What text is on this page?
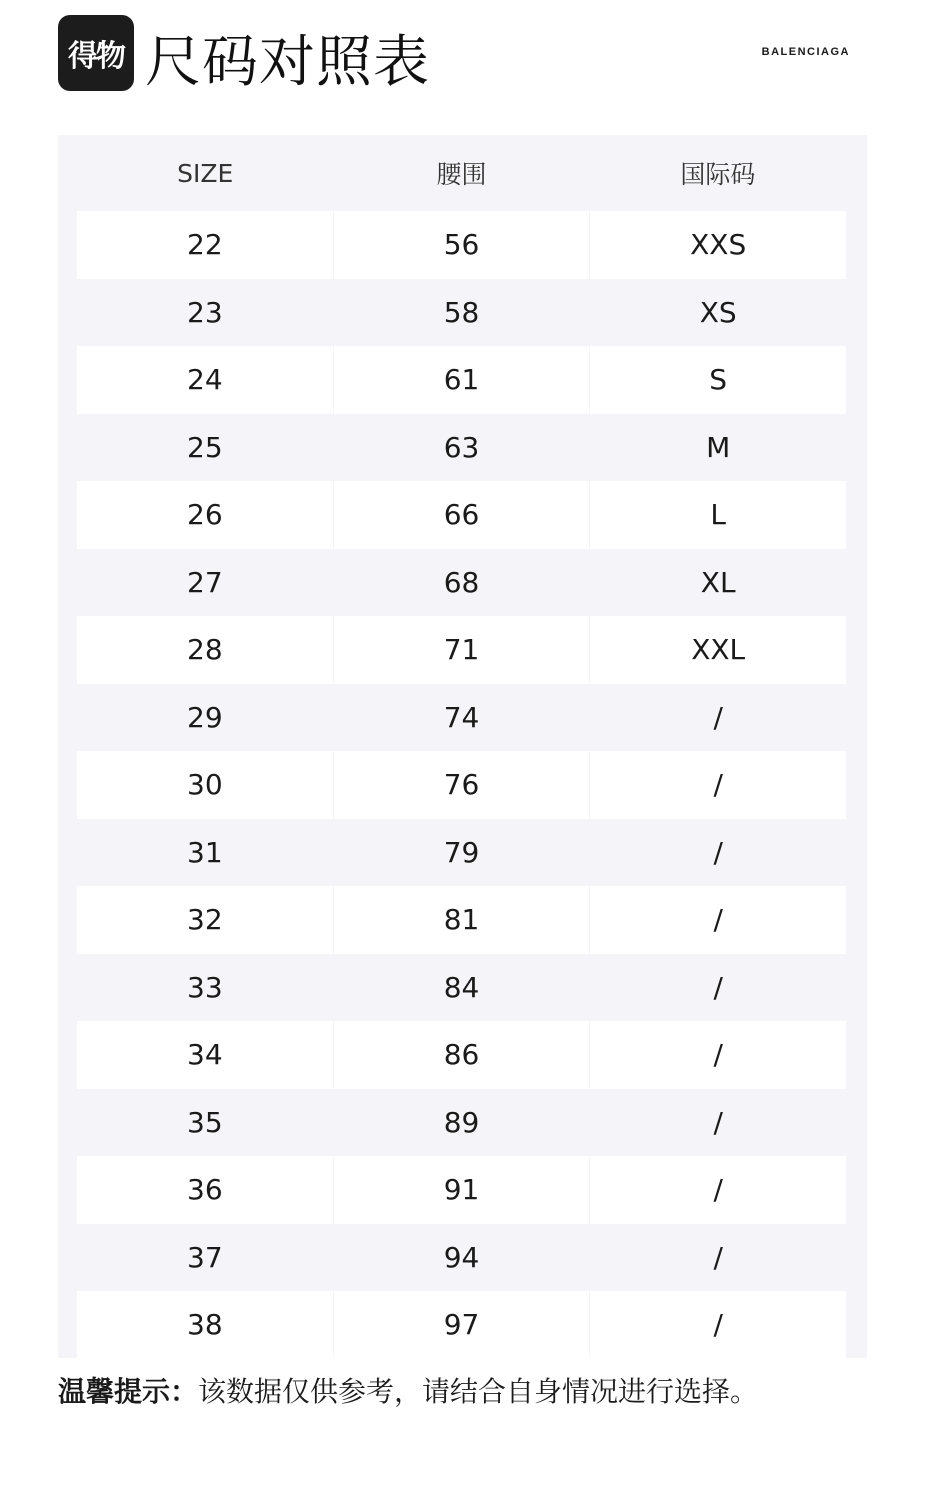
得物 尺码对照表	BALENCIAGA
SIZE	腰围	国际码
22	56	XXS
23	58	XS
24	61	S
25	63	M
26	66	L
27	68	XL
28	71	XXL
29	74	/
30	76	/
31	79	/
32	81	/
33	84	/
34	86	/
35	89	/
36	91	/
37	94	/
38	97	/
温馨提示：该数据仅供参考，请结合自身情况进行选择。
